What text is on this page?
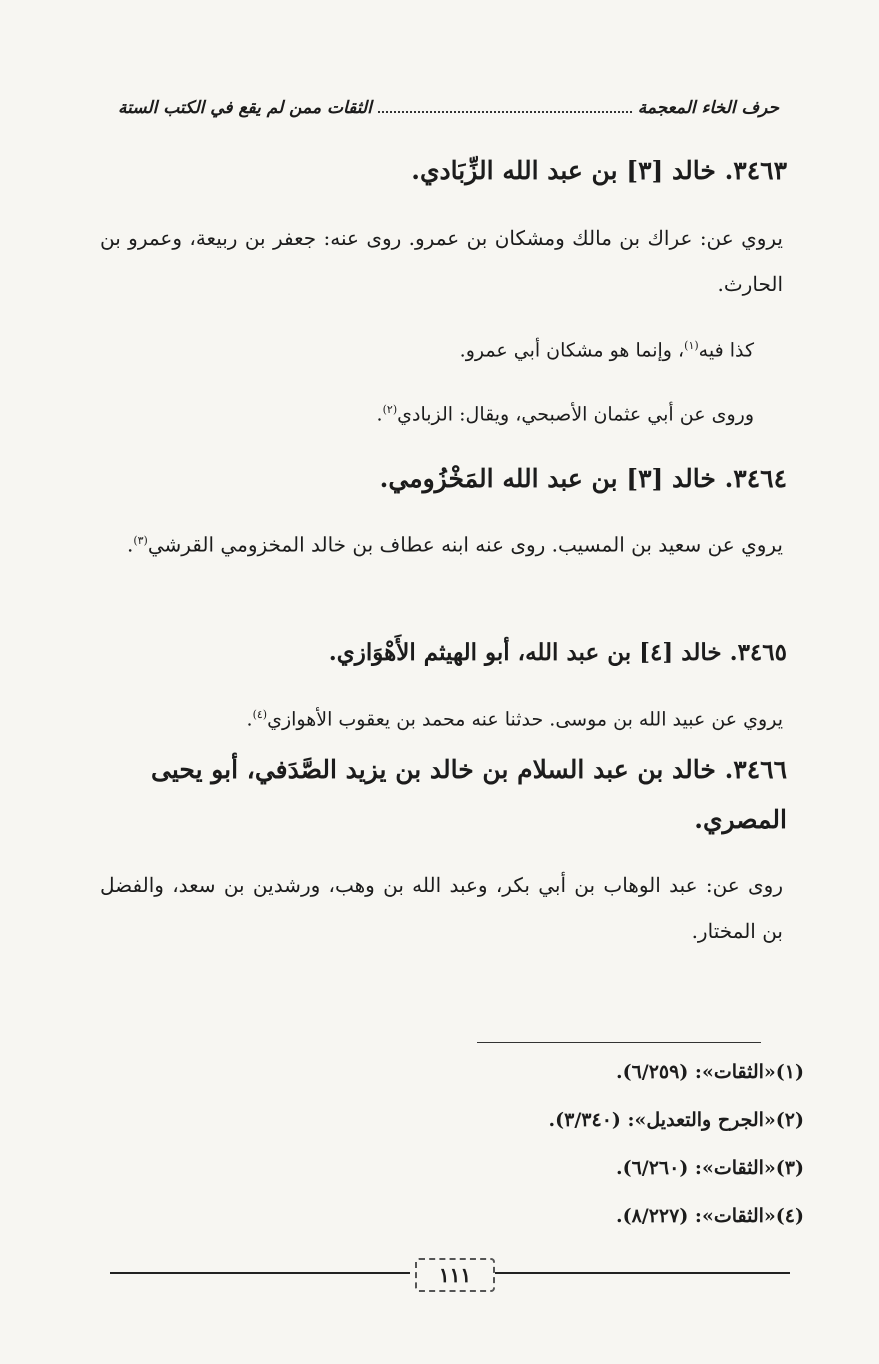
حرف الخاء المعجمة
الثقات ممن لم يقع في الكتب الستة
٣٤٦٣. خالد [٣] بن عبد الله الزِّبَادي.
يروي عن: عراك بن مالك ومشكان بن عمرو. روى عنه: جعفر بن ربيعة، وعمرو بن الحارث.
كذا فيه$^{(١)}$، وإنما هو مشكان أبي عمرو.
وروى عن أبي عثمان الأصبحي، ويقال: الزبادي$^{(٢)}$.
٣٤٦٤. خالد [٣] بن عبد الله المَخْزُومي.
يروي عن سعيد بن المسيب. روى عنه ابنه عطاف بن خالد المخزومي القرشي$^{(٣)}$.
٣٤٦٥. خالد [٤] بن عبد الله، أبو الهيثم الأَهْوَازي.
يروي عن عبيد الله بن موسى. حدثنا عنه محمد بن يعقوب الأهوازي$^{(٤)}$.
٣٤٦٦. خالد بن عبد السلام بن خالد بن يزيد الصَّدَفي، أبو يحيى المصري.
روى عن: عبد الوهاب بن أبي بكر، وعبد الله بن وهب، ورشدين بن سعد، والفضل بن المختار.
(١)«الثقات»: (٦/٢٥٩).
(٢)«الجرح والتعديل»: (٣/٣٤٠).
(٣)«الثقات»: (٦/٢٦٠).
(٤)«الثقات»: (٨/٢٢٧).
١١١
